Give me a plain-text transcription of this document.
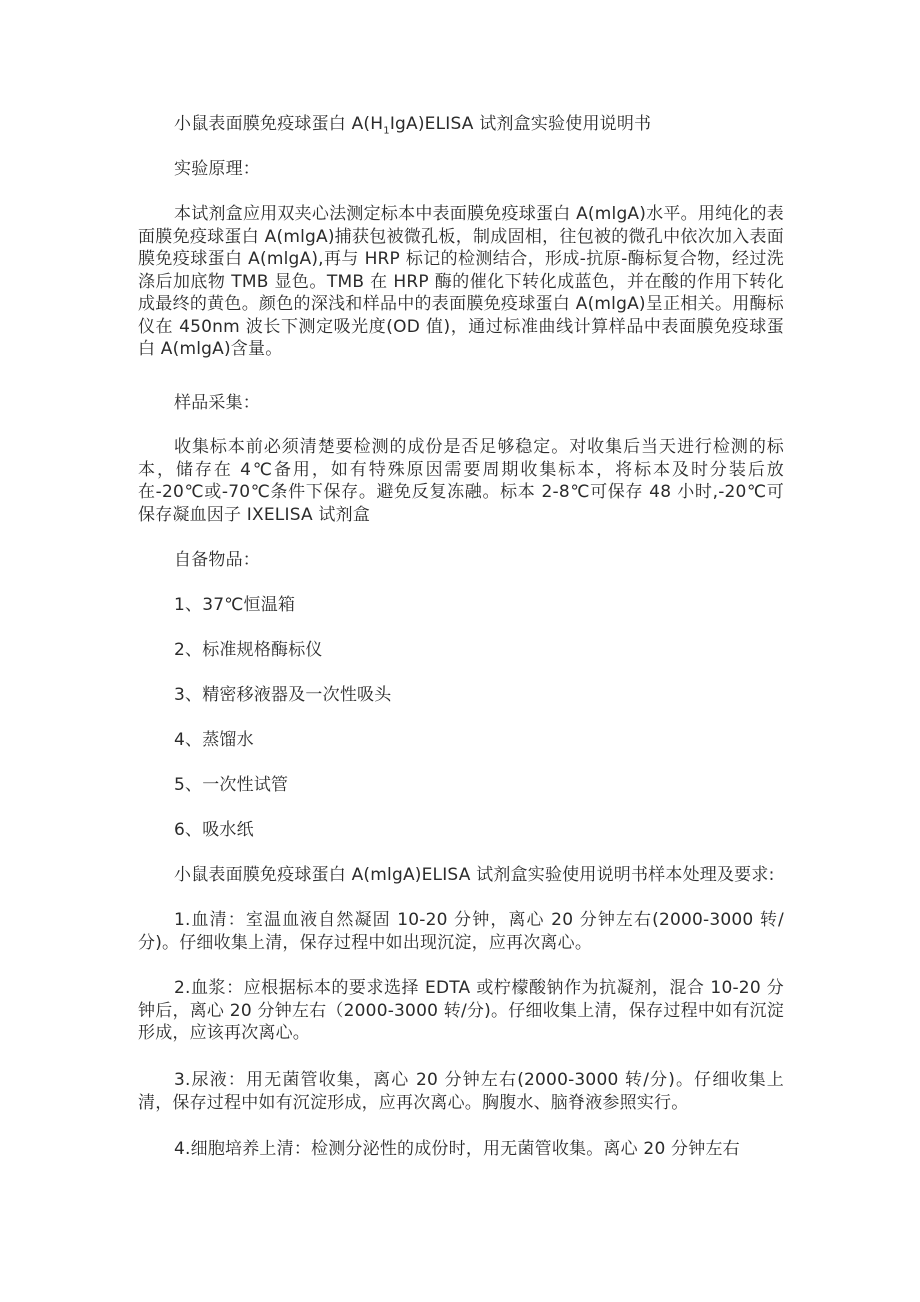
小鼠表面膜免疫球蛋白 $A(H_1IgA)ELISA$ 试剂盒实验使用说明书

实验原理：

本试剂盒应用双夹心法测定标本中表面膜免疫球蛋白 A(mlgA)水平。用纯化的表面膜免疫球蛋白 A(mlgA)捕获包被微孔板，制成固相，往包被的微孔中依次加入表面膜免疫球蛋白 A(mlgA),再与 HRP 标记的检测结合，形成-抗原-酶标复合物，经过洗涤后加底物 TMB 显色。TMB 在 HRP 酶的催化下转化成蓝色，并在酸的作用下转化成最终的黄色。颜色的深浅和样品中的表面膜免疫球蛋白 A(mlgA)呈正相关。用酶标仪在 450nm 波长下测定吸光度(OD 值)，通过标准曲线计算样品中表面膜免疫球蛋白 A(mlgA)含量。

样品采集：

收集标本前必须清楚要检测的成份是否足够稳定。对收集后当天进行检测的标本，储存在 4℃备用，如有特殊原因需要周期收集标本，将标本及时分装后放在-20℃或-70℃条件下保存。避免反复冻融。标本 2-8℃可保存 48 小时,-20℃可保存凝血因子 IXELISA 试剂盒

自备物品：

1、37℃恒温箱

2、标准规格酶标仪

3、精密移液器及一次性吸头

4、蒸馏水

5、一次性试管

6、吸水纸

小鼠表面膜免疫球蛋白 A(mlgA)ELISA 试剂盒实验使用说明书样本处理及要求:

1.血清：室温血液自然凝固 10-20 分钟，离心 20 分钟左右(2000-3000 转/分)。仔细收集上清，保存过程中如出现沉淀，应再次离心。

2.血浆：应根据标本的要求选择 EDTA 或柠檬酸钠作为抗凝剂，混合 10-20 分钟后，离心 20 分钟左右（2000-3000 转/分)。仔细收集上清，保存过程中如有沉淀形成，应该再次离心。

3.尿液：用无菌管收集，离心 20 分钟左右(2000-3000 转/分)。仔细收集上清，保存过程中如有沉淀形成，应再次离心。胸腹水、脑脊液参照实行。

4.细胞培养上清：检测分泌性的成份时，用无菌管收集。离心 20 分钟左右
